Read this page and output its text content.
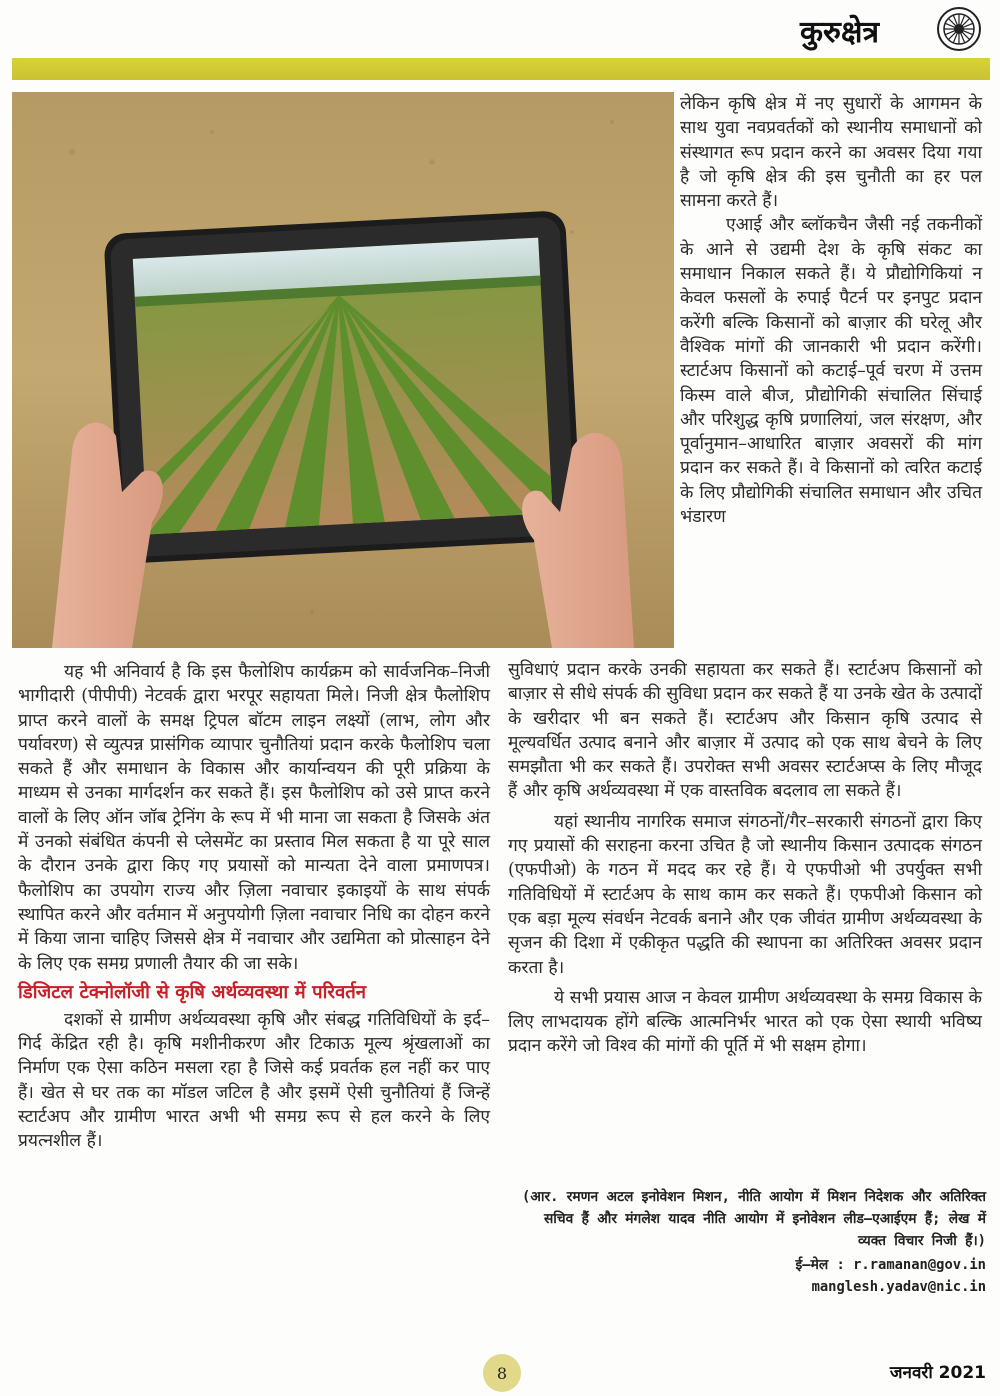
कुरुक्षेत्र

लेकिन कृषि क्षेत्र में नए सुधारों के आगमन के साथ युवा नवप्रवर्तकों को स्थानीय समाधानों को संस्थागत रूप प्रदान करने का अवसर दिया गया है जो कृषि क्षेत्र की इस चुनौती का हर पल सामना करते हैं।

एआई और ब्लॉकचैन जैसी नई तकनीकों के आने से उद्यमी देश के कृषि संकट का समाधान निकाल सकते हैं। ये प्रौद्योगिकियां न केवल फसलों के रुपाई पैटर्न पर इनपुट प्रदान करेंगी बल्कि किसानों को बाज़ार की घरेलू और वैश्विक मांगों की जानकारी भी प्रदान करेंगी। स्टार्टअप किसानों को कटाई–पूर्व चरण में उत्तम किस्म वाले बीज, प्रौद्योगिकी संचालित सिंचाई और परिशुद्ध कृषि प्रणालियां, जल संरक्षण, और पूर्वानुमान–आधारित बाज़ार अवसरों की मांग प्रदान कर सकते हैं। वे किसानों को त्वरित कटाई के लिए प्रौद्योगिकी संचालित समाधान और उचित भंडारण

यह भी अनिवार्य है कि इस फैलोशिप कार्यक्रम को सार्वजनिक–निजी भागीदारी (पीपीपी) नेटवर्क द्वारा भरपूर सहायता मिले। निजी क्षेत्र फैलोशिप प्राप्त करने वालों के समक्ष ट्रिपल बॉटम लाइन लक्ष्यों (लाभ, लोग और पर्यावरण) से व्युत्पन्न प्रासंगिक व्यापार चुनौतियां प्रदान करके फैलोशिप चला सकते हैं और समाधान के विकास और कार्यान्वयन की पूरी प्रक्रिया के माध्यम से उनका मार्गदर्शन कर सकते हैं। इस फैलोशिप को उसे प्राप्त करने वालों के लिए ऑन जॉब ट्रेनिंग के रूप में भी माना जा सकता है जिसके अंत में उनको संबंधित कंपनी से प्लेसमेंट का प्रस्ताव मिल सकता है या पूरे साल के दौरान उनके द्वारा किए गए प्रयासों को मान्यता देने वाला प्रमाणपत्र। फैलोशिप का उपयोग राज्य और ज़िला नवाचार इकाइयों के साथ संपर्क स्थापित करने और वर्तमान में अनुपयोगी ज़िला नवाचार निधि का दोहन करने में किया जाना चाहिए जिससे क्षेत्र में नवाचार और उद्यमिता को प्रोत्साहन देने के लिए एक समग्र प्रणाली तैयार की जा सके।

डिजिटल टेक्नोलॉजी से कृषि अर्थव्यवस्था में परिवर्तन

दशकों से ग्रामीण अर्थव्यवस्था कृषि और संबद्ध गतिविधियों के इर्द–गिर्द केंद्रित रही है। कृषि मशीनीकरण और टिकाऊ मूल्य श्रृंखलाओं का निर्माण एक ऐसा कठिन मसला रहा है जिसे कई प्रवर्तक हल नहीं कर पाए हैं। खेत से घर तक का मॉडल जटिल है और इसमें ऐसी चुनौतियां हैं जिन्हें स्टार्टअप और ग्रामीण भारत अभी भी समग्र रूप से हल करने के लिए प्रयत्नशील हैं।

सुविधाएं प्रदान करके उनकी सहायता कर सकते हैं। स्टार्टअप किसानों को बाज़ार से सीधे संपर्क की सुविधा प्रदान कर सकते हैं या उनके खेत के उत्पादों के खरीदार भी बन सकते हैं। स्टार्टअप और किसान कृषि उत्पाद से मूल्यवर्धित उत्पाद बनाने और बाज़ार में उत्पाद को एक साथ बेचने के लिए समझौता भी कर सकते हैं। उपरोक्त सभी अवसर स्टार्टअप्स के लिए मौजूद हैं और कृषि अर्थव्यवस्था में एक वास्तविक बदलाव ला सकते हैं।

यहां स्थानीय नागरिक समाज संगठनों/गैर–सरकारी संगठनों द्वारा किए गए प्रयासों की सराहना करना उचित है जो स्थानीय किसान उत्पादक संगठन (एफपीओ) के गठन में मदद कर रहे हैं। ये एफपीओ भी उपर्युक्त सभी गतिविधियों में स्टार्टअप के साथ काम कर सकते हैं। एफपीओ किसान को एक बड़ा मूल्य संवर्धन नेटवर्क बनाने और एक जीवंत ग्रामीण अर्थव्यवस्था के सृजन की दिशा में एकीकृत पद्धति की स्थापना का अतिरिक्त अवसर प्रदान करता है।

ये सभी प्रयास आज न केवल ग्रामीण अर्थव्यवस्था के समग्र विकास के लिए लाभदायक होंगे बल्कि आत्मनिर्भर भारत को एक ऐसा स्थायी भविष्य प्रदान करेंगे जो विश्व की मांगों की पूर्ति में भी सक्षम होगा।

(आर. रमणन अटल इनोवेशन मिशन, नीति आयोग में मिशन निदेशक और अतिरिक्त सचिव हैं और मंगलेश यादव नीति आयोग में इनोवेशन लीड–एआईएम हैं; लेख में व्यक्त विचार निजी हैं।)
ई–मेल : r.ramanan@gov.in
manglesh.yadav@nic.in
8	जनवरी 2021
